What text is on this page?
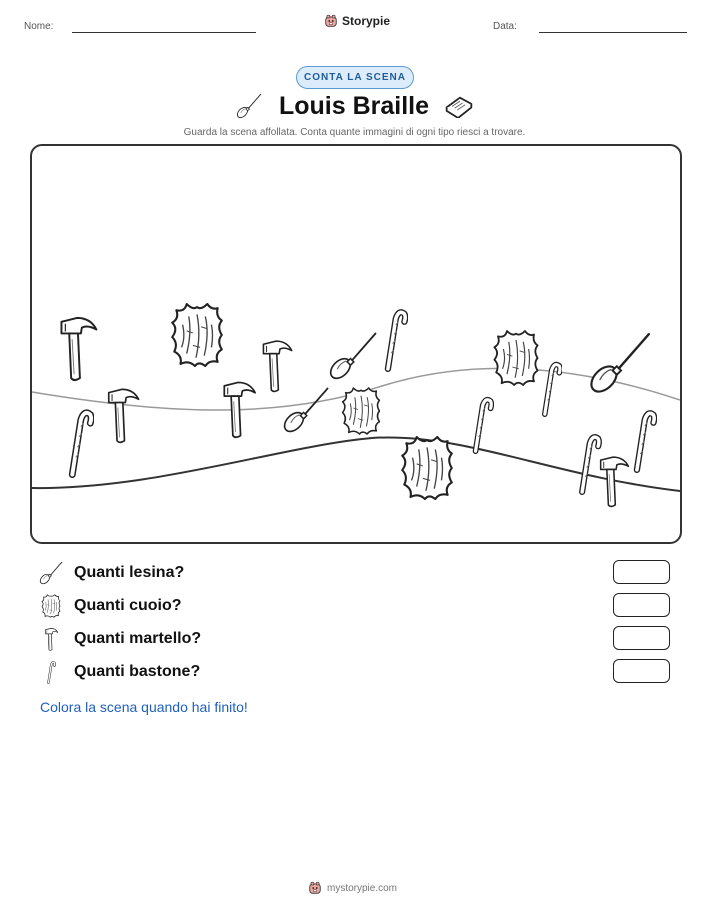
Nome:	Storypie	Data:
CONTA LA SCENA
Louis Braille
Guarda la scena affollata. Conta quante immagini di ogni tipo riesci a trovare.
Quanti lesina?
Quanti cuoio?
Quanti martello?
Quanti bastone?
Colora la scena quando hai finito!
mystorypie.com
